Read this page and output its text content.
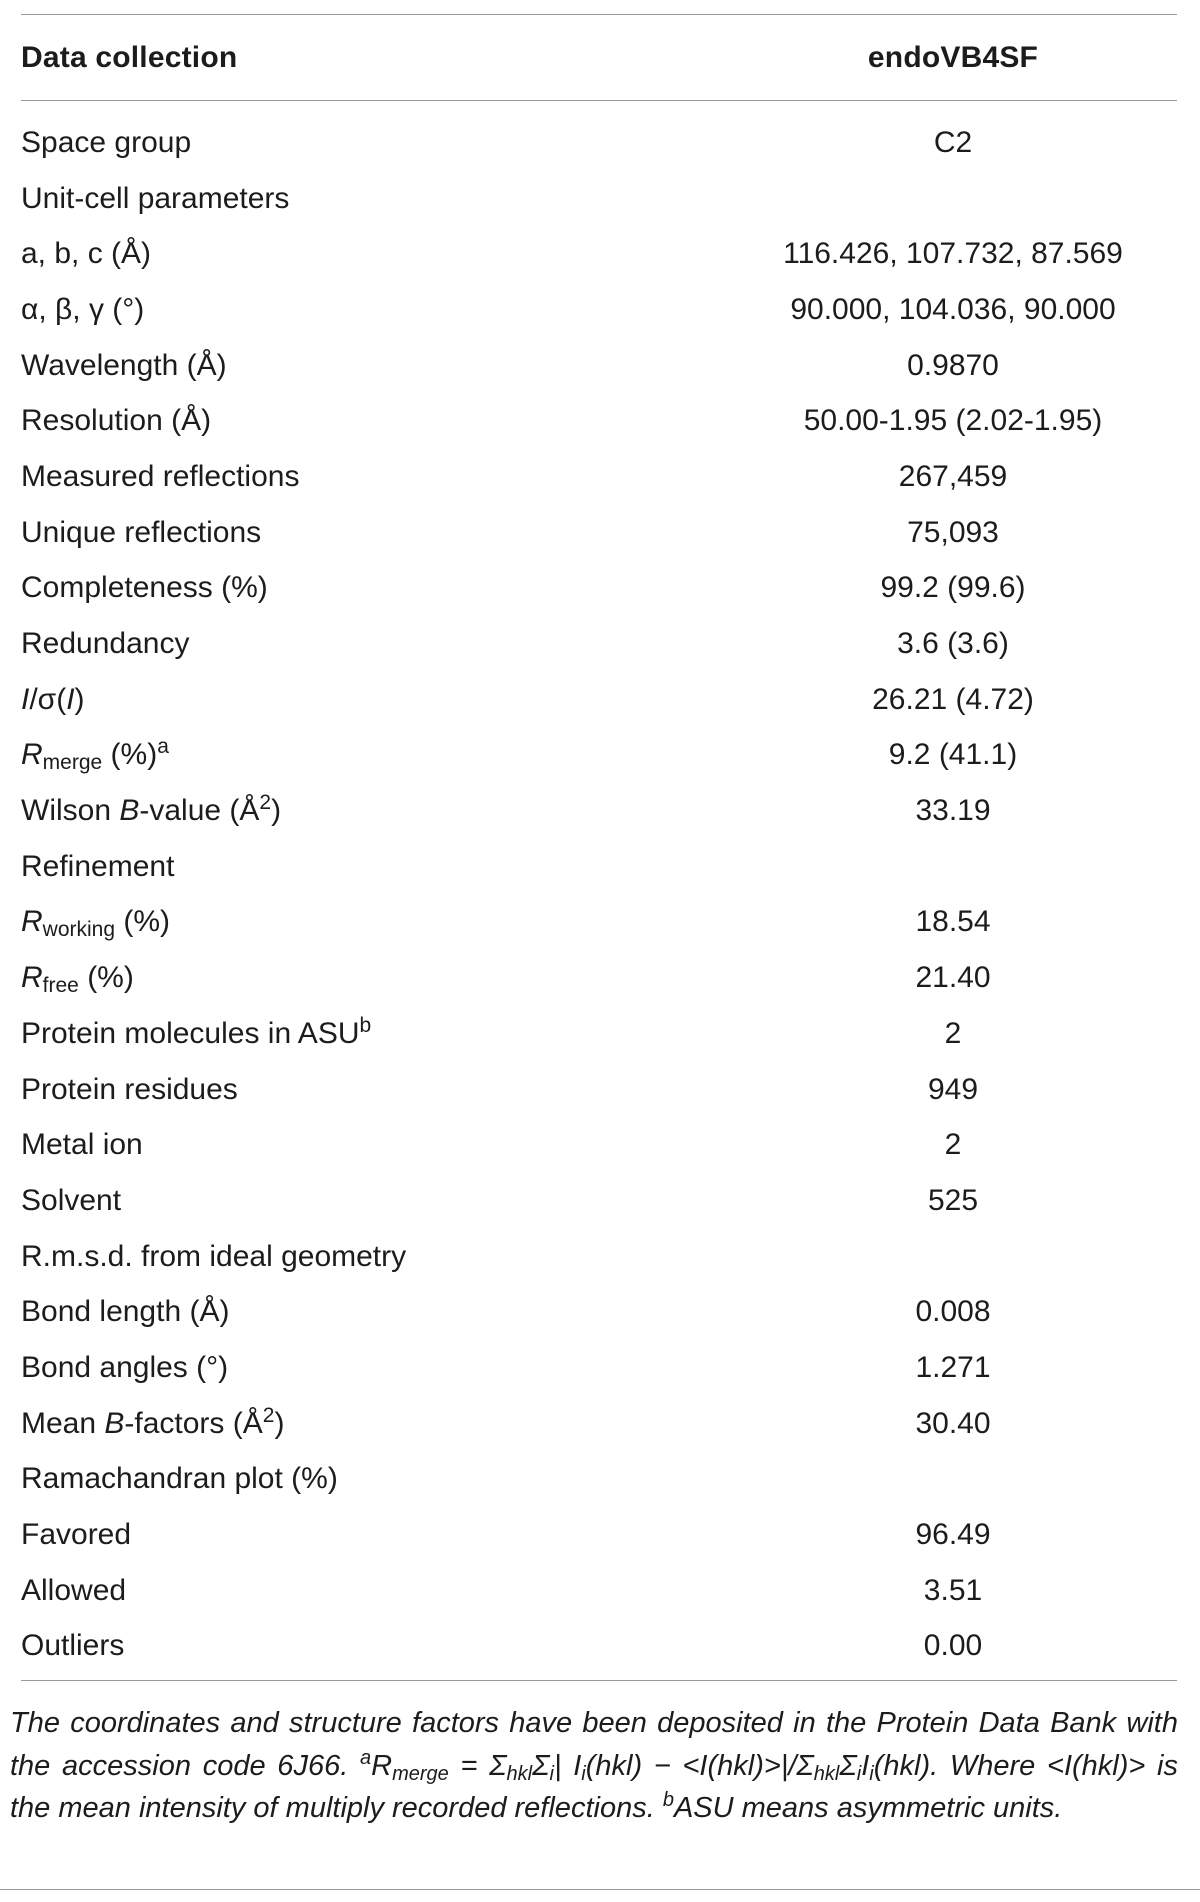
Data collection	endoVB4SF
Space group	C2
Unit-cell parameters
a, b, c (Å)	116.426, 107.732, 87.569
α, β, γ (°)	90.000, 104.036, 90.000
Wavelength (Å)	0.9870
Resolution (Å)	50.00-1.95 (2.02-1.95)
Measured reflections	267,459
Unique reflections	75,093
Completeness (%)	99.2 (99.6)
Redundancy	3.6 (3.6)
I/σ(I)	26.21 (4.72)
$R_{merge}$ (%)$^a$	9.2 (41.1)
Wilson B-value $(Å^2)$	33.19
Refinement
$R_{working}$ (%)	18.54
$R_{free}$ (%)	21.40
Protein molecules in ASU$^b$	2
Protein residues	949
Metal ion	2
Solvent	525
R.m.s.d. from ideal geometry
Bond length (Å)	0.008
Bond angles (°)	1.271
Mean B-factors $(Å^2)$	30.40
Ramachandran plot (%)
Favored	96.49
Allowed	3.51
Outliers	0.00
The coordinates and structure factors have been deposited in the Protein Data Bank with the accession code 6J66. $^aR_{merge} = \Sigma_{hkl}\Sigma_i|$ $I_i(hkl) - <I(hkl)>|/\Sigma_{hkl}\Sigma_iI_i(hkl)$. Where <I(hkl)> is the mean intensity of multiply recorded reflections. $^b$ASU means asymmetric units.
